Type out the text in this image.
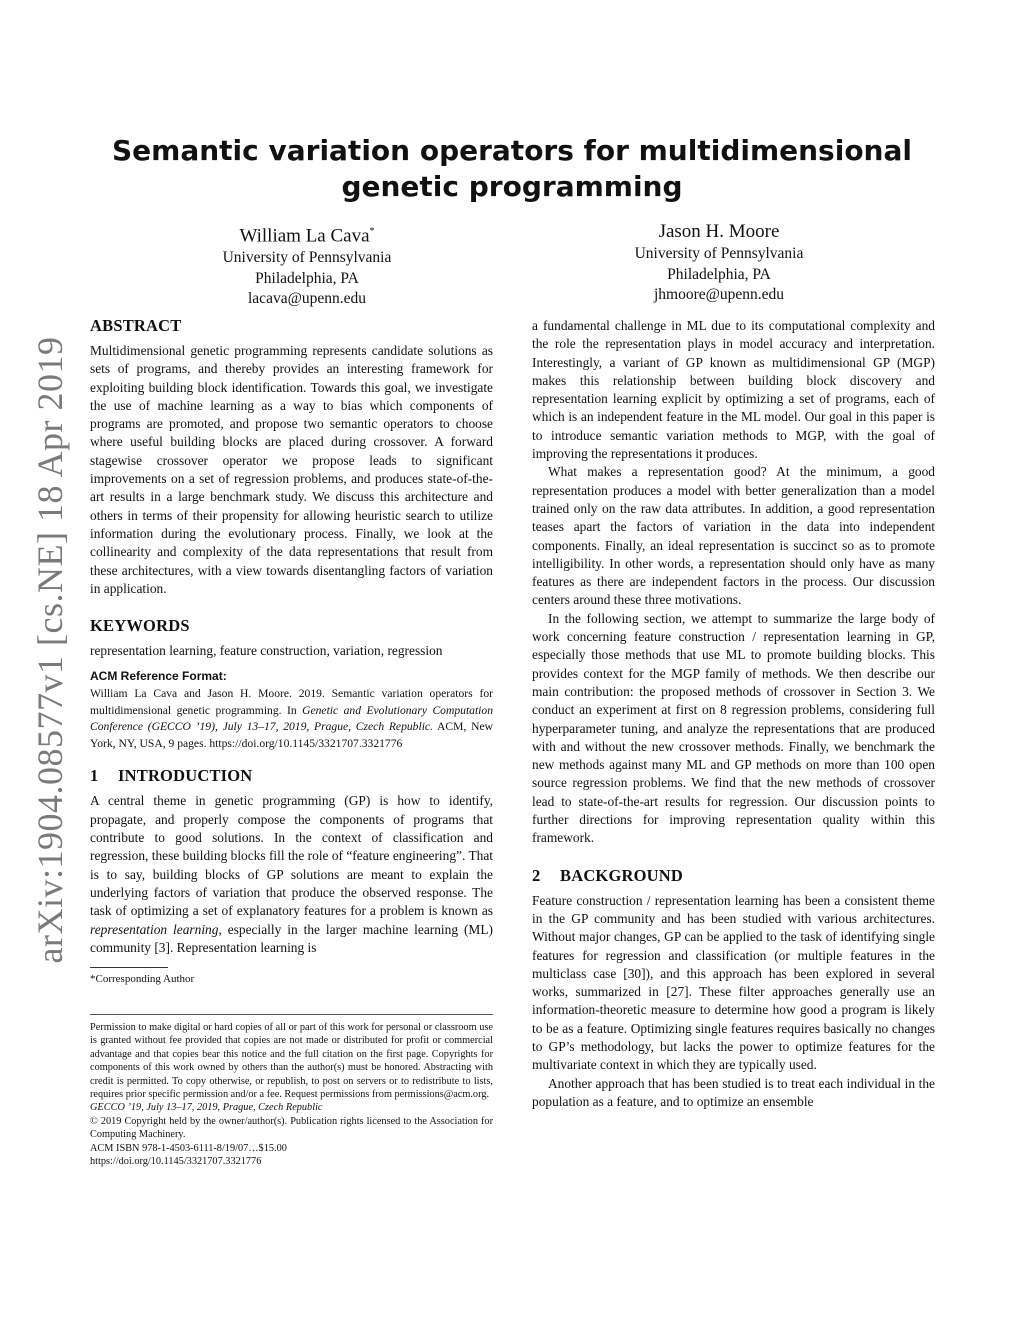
arXiv:1904.08577v1 [cs.NE] 18 Apr 2019
Semantic variation operators for multidimensional genetic programming
William La Cava*
University of Pennsylvania
Philadelphia, PA
lacava@upenn.edu
Jason H. Moore
University of Pennsylvania
Philadelphia, PA
jhmoore@upenn.edu
ABSTRACT

Multidimensional genetic programming represents candidate solutions as sets of programs, and thereby provides an interesting framework for exploiting building block identification. Towards this goal, we investigate the use of machine learning as a way to bias which components of programs are promoted, and propose two semantic operators to choose where useful building blocks are placed during crossover. A forward stagewise crossover operator we propose leads to significant improvements on a set of regression problems, and produces state-of-the-art results in a large benchmark study. We discuss this architecture and others in terms of their propensity for allowing heuristic search to utilize information during the evolutionary process. Finally, we look at the collinearity and complexity of the data representations that result from these architectures, with a view towards disentangling factors of variation in application.

KEYWORDS

representation learning, feature construction, variation, regression

ACM Reference Format:

William La Cava and Jason H. Moore. 2019. Semantic variation operators for multidimensional genetic programming. In Genetic and Evolutionary Computation Conference (GECCO ’19), July 13–17, 2019, Prague, Czech Republic. ACM, New York, NY, USA, 9 pages. https://doi.org/10.1145/3321707.3321776

1 INTRODUCTION

A central theme in genetic programming (GP) is how to identify, propagate, and properly compose the components of programs that contribute to good solutions. In the context of classification and regression, these building blocks fill the role of “feature engineering”. That is to say, building blocks of GP solutions are meant to explain the underlying factors of variation that produce the observed response. The task of optimizing a set of explanatory features for a problem is known as representation learning, especially in the larger machine learning (ML) community [3]. Representation learning is

*Corresponding Author

Permission to make digital or hard copies of all or part of this work for personal or classroom use is granted without fee provided that copies are not made or distributed for profit or commercial advantage and that copies bear this notice and the full citation on the first page. Copyrights for components of this work owned by others than the author(s) must be honored. Abstracting with credit is permitted. To copy otherwise, or republish, to post on servers or to redistribute to lists, requires prior specific permission and/or a fee. Request permissions from permissions@acm.org.

GECCO ’19, July 13–17, 2019, Prague, Czech Republic

© 2019 Copyright held by the owner/author(s). Publication rights licensed to the Association for Computing Machinery.

ACM ISBN 978-1-4503-6111-8/19/07…$15.00

https://doi.org/10.1145/3321707.3321776

a fundamental challenge in ML due to its computational complexity and the role the representation plays in model accuracy and interpretation. Interestingly, a variant of GP known as multidimensional GP (MGP) makes this relationship between building block discovery and representation learning explicit by optimizing a set of programs, each of which is an independent feature in the ML model. Our goal in this paper is to introduce semantic variation methods to MGP, with the goal of improving the representations it produces.

What makes a representation good? At the minimum, a good representation produces a model with better generalization than a model trained only on the raw data attributes. In addition, a good representation teases apart the factors of variation in the data into independent components. Finally, an ideal representation is succinct so as to promote intelligibility. In other words, a representation should only have as many features as there are independent factors in the process. Our discussion centers around these three motivations.

In the following section, we attempt to summarize the large body of work concerning feature construction / representation learning in GP, especially those methods that use ML to promote building blocks. This provides context for the MGP family of methods. We then describe our main contribution: the proposed methods of crossover in Section 3. We conduct an experiment at first on 8 regression problems, considering full hyperparameter tuning, and analyze the representations that are produced with and without the new crossover methods. Finally, we benchmark the new methods against many ML and GP methods on more than 100 open source regression problems. We find that the new methods of crossover lead to state-of-the-art results for regression. Our discussion points to further directions for improving representation quality within this framework.

2 BACKGROUND

Feature construction / representation learning has been a consistent theme in the GP community and has been studied with various architectures. Without major changes, GP can be applied to the task of identifying single features for regression and classification (or multiple features in the multiclass case [30]), and this approach has been explored in several works, summarized in [27]. These filter approaches generally use an information-theoretic measure to determine how good a program is likely to be as a feature. Optimizing single features requires basically no changes to GP’s methodology, but lacks the power to optimize features for the multivariate context in which they are typically used.

Another approach that has been studied is to treat each individual in the population as a feature, and to optimize an ensemble
